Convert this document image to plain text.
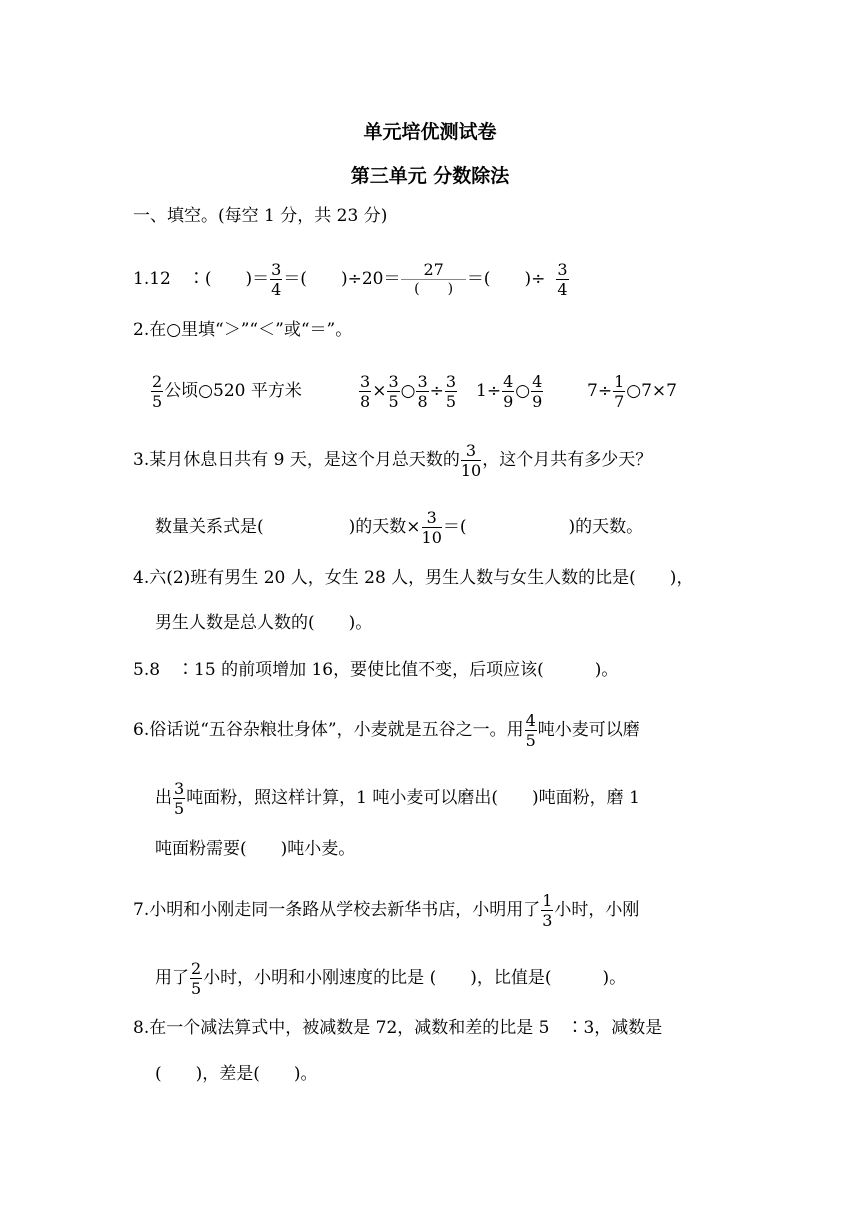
单元培优测试卷
第三单元 分数除法
一、填空。(每空 1 分，共 23 分)
1.12　∶(　　)＝ $\frac{3}{4}$ ＝(　　)$\div 20= \frac{27}{( )}$ ＝(　　)÷ $\frac{3}{4}$
2.在○里填“＞”“＜”或“＝”。
$\frac{2}{5}$ 公顷○520 平方米	$\frac{3}{8} \times \frac{3}{5}$ ○ $\frac{3}{8} \div \frac{3}{5} 1\div \frac{4}{9}$ ○ $\frac{4}{9}$	$7\div \frac{1}{7}$ ○7×7
3.某月休息日共有 9 天，是这个月总天数的 $\frac{3}{10}$ ，这个月共有多少天？
数量关系式是(　　　　　)的天数× $\frac{3}{10}$ ＝(　　　　　　)的天数。
4.六(2)班有男生 20 人，女生 28 人，男生人数与女生人数的比是(　　)，
男生人数是总人数的(　　)。
5.8　∶15 的前项增加 16，要使比值不变，后项应该(　　　)。
6.俗话说“五谷杂粮壮身体”，小麦就是五谷之一。用 $\frac{4}{5}$ 吨小麦可以磨
出 $\frac{3}{5}$ 吨面粉，照这样计算，1 吨小麦可以磨出(　　)吨面粉，磨 1
吨面粉需要(　　)吨小麦。
7.小明和小刚走同一条路从学校去新华书店，小明用了 $\frac{1}{3}$ 小时，小刚
用了 $\frac{2}{5}$ 小时，小明和小刚速度的比是 (　　)，比值是(　　　)。
8.在一个减法算式中，被减数是 72，减数和差的比是 5　∶3，减数是
(　　)，差是(　　)。
